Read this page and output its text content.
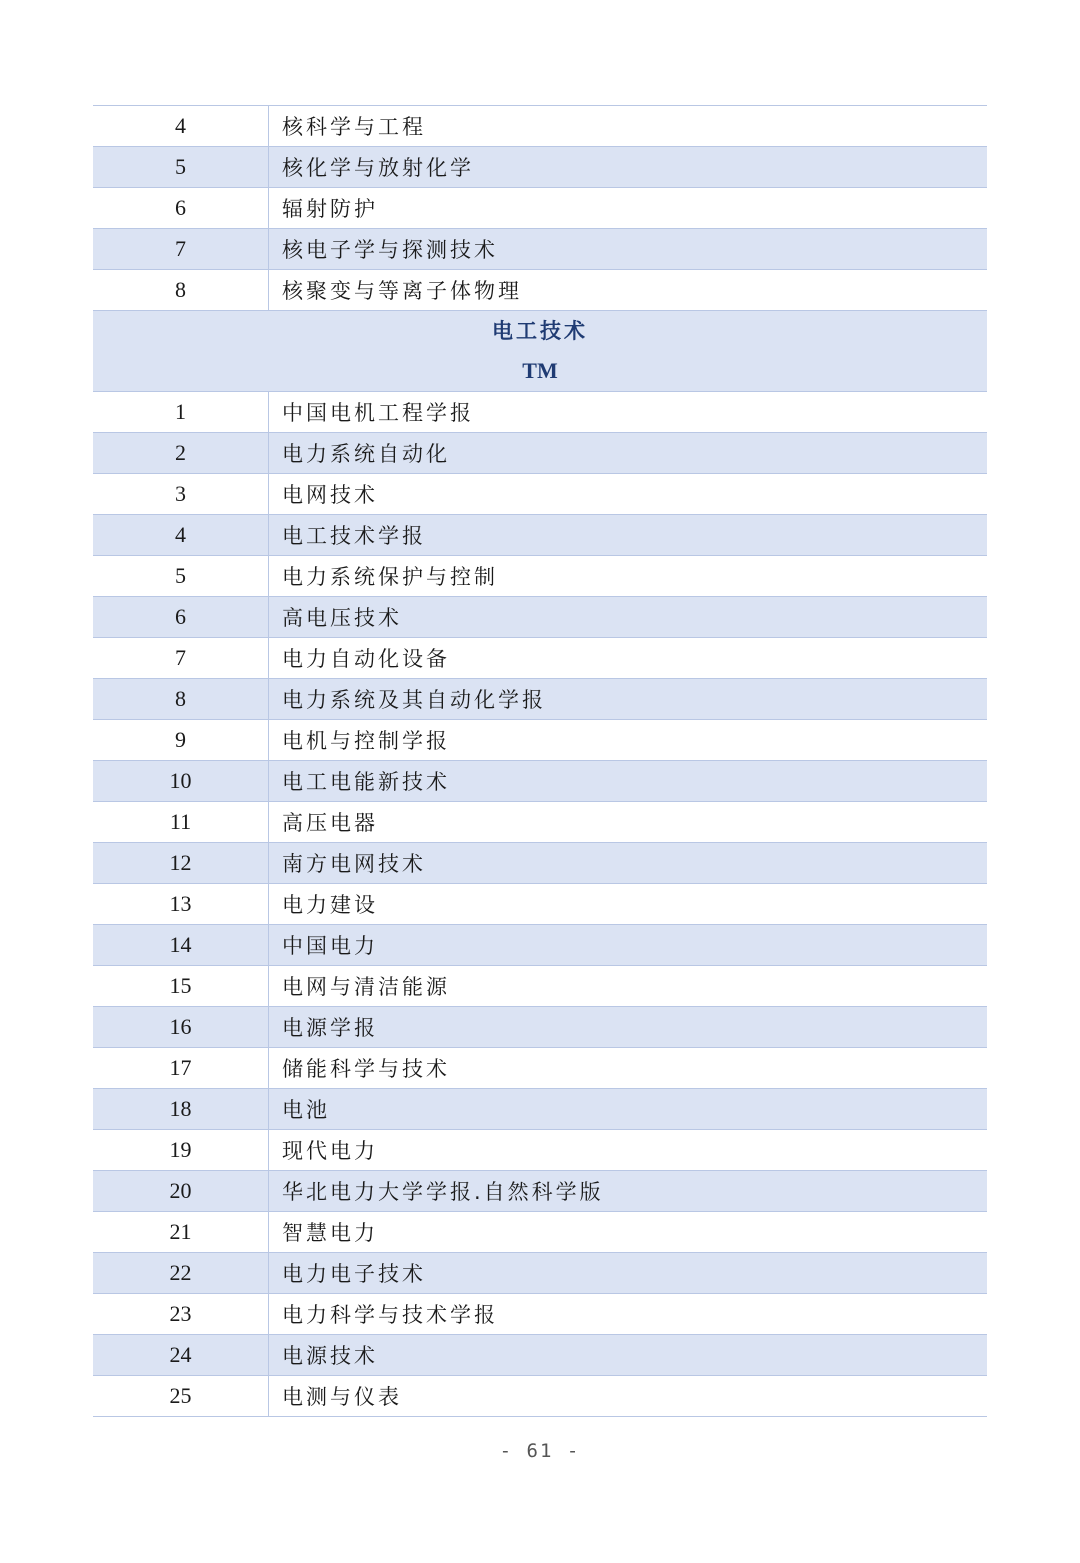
4	核科学与工程
5	核化学与放射化学
6	辐射防护
7	核电子学与探测技术
8	核聚变与等离子体物理
电工技术
TM
1	中国电机工程学报
2	电力系统自动化
3	电网技术
4	电工技术学报
5	电力系统保护与控制
6	高电压技术
7	电力自动化设备
8	电力系统及其自动化学报
9	电机与控制学报
10	电工电能新技术
11	高压电器
12	南方电网技术
13	电力建设
14	中国电力
15	电网与清洁能源
16	电源学报
17	储能科学与技术
18	电池
19	现代电力
20	华北电力大学学报.自然科学版
21	智慧电力
22	电力电子技术
23	电力科学与技术学报
24	电源技术
25	电测与仪表
- 61 -
